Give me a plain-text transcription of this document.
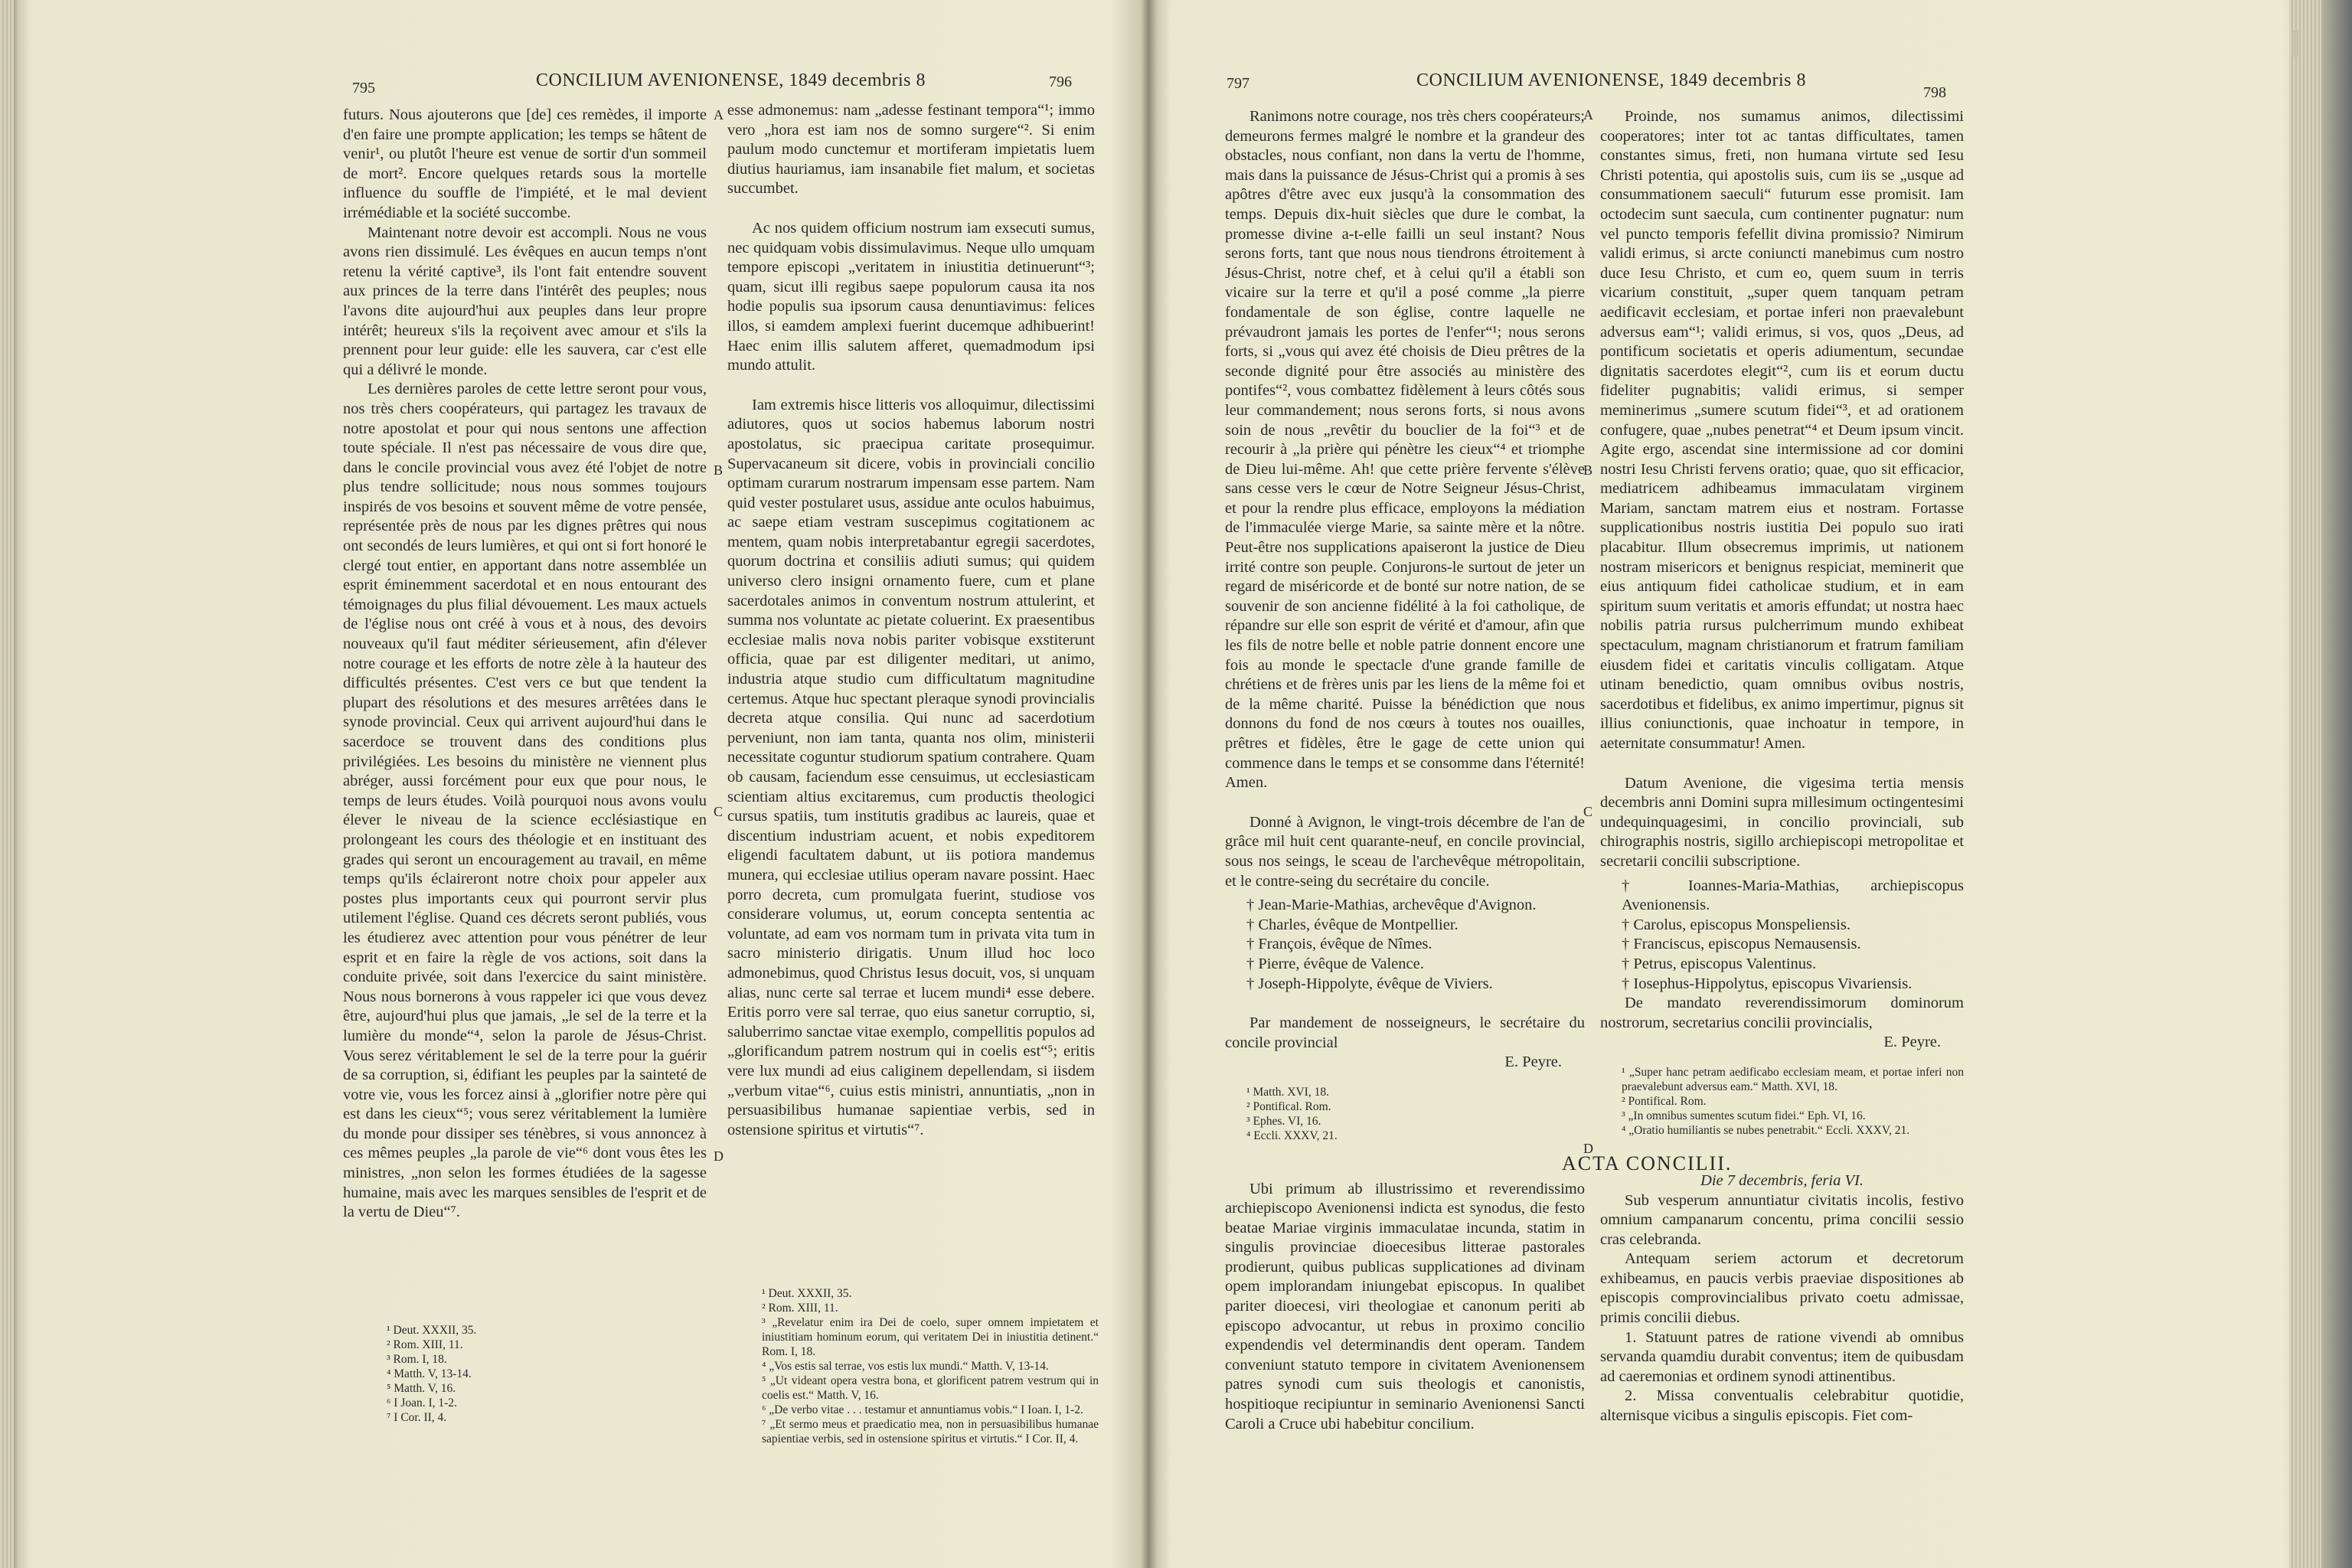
795	CONCILIUM AVENIONENSE, 1849 decembris 8	796

futurs. Nous ajouterons que [de] ces remèdes, il importe d'en faire une prompte application; les temps se hâtent de venir¹, ou plutôt l'heure est venue de sortir d'un sommeil de mort². Encore quelques retards sous la mortelle influence du souffle de l'impiété, et le mal devient irrémédiable et la société succombe.

Maintenant notre devoir est accompli. Nous ne vous avons rien dissimulé. Les évêques en aucun temps n'ont retenu la vérité captive³, ils l'ont fait entendre souvent aux princes de la terre dans l'intérêt des peuples; nous l'avons dite aujourd'hui aux peuples dans leur propre intérêt; heureux s'ils la reçoivent avec amour et s'ils la prennent pour leur guide: elle les sauvera, car c'est elle qui a délivré le monde.

Les dernières paroles de cette lettre seront pour vous, nos très chers coopérateurs, qui partagez les travaux de notre apostolat et pour qui nous sentons une affection toute spéciale. Il n'est pas nécessaire de vous dire que, dans le concile provincial vous avez été l'objet de notre plus tendre sollicitude; nous nous sommes toujours inspirés de vos besoins et souvent même de votre pensée, représentée près de nous par les dignes prêtres qui nous ont secondés de leurs lumières, et qui ont si fort honoré le clergé tout entier, en apportant dans notre assemblée un esprit éminemment sacerdotal et en nous entourant des témoignages du plus filial dévouement. Les maux actuels de l'église nous ont créé à vous et à nous, des devoirs nouveaux qu'il faut méditer sérieusement, afin d'élever notre courage et les efforts de notre zèle à la hauteur des difficultés présentes. C'est vers ce but que tendent la plupart des résolutions et des mesures arrêtées dans le synode provincial. Ceux qui arrivent aujourd'hui dans le sacerdoce se trouvent dans des conditions plus privilégiées. Les besoins du ministère ne viennent plus abréger, aussi forcément pour eux que pour nous, le temps de leurs études. Voilà pourquoi nous avons voulu élever le niveau de la science ecclésiastique en prolongeant les cours des théologie et en instituant des grades qui seront un encouragement au travail, en même temps qu'ils éclaireront notre choix pour appeler aux postes plus importants ceux qui pourront servir plus utilement l'église. Quand ces décrets seront publiés, vous les étudierez avec attention pour vous pénétrer de leur esprit et en faire la règle de vos actions, soit dans la conduite privée, soit dans l'exercice du saint ministère. Nous nous bornerons à vous rappeler ici que vous devez être, aujourd'hui plus que jamais, „le sel de la terre et la lumière du monde“⁴, selon la parole de Jésus-Christ. Vous serez véritablement le sel de la terre pour la guérir de sa corruption, si, édifiant les peuples par la sainteté de votre vie, vous les forcez ainsi à „glorifier notre père qui est dans les cieux“⁵; vous serez véritablement la lumière du monde pour dissiper ses ténèbres, si vous annoncez à ces mêmes peuples „la parole de vie“⁶ dont vous êtes les ministres, „non selon les formes étudiées de la sagesse humaine, mais avec les marques sensibles de l'esprit et de la vertu de Dieu“⁷.

A
B
C
D

esse admonemus: nam „adesse festinant tempora“¹; immo vero „hora est iam nos de somno surgere“². Si enim paulum modo cunctemur et mortiferam impietatis luem diutius hauriamus, iam insanabile fiet malum, et societas succumbet.

Ac nos quidem officium nostrum iam exsecuti sumus, nec quidquam vobis dissimulavimus. Neque ullo umquam tempore episcopi „veritatem in iniustitia detinuerunt“³; quam, sicut illi regibus saepe populorum causa ita nos hodie populis sua ipsorum causa denuntiavimus: felices illos, si eamdem amplexi fuerint ducemque adhibuerint! Haec enim illis salutem afferet, quemadmodum ipsi mundo attulit.

Iam extremis hisce litteris vos alloquimur, dilectissimi adiutores, quos ut socios habemus laborum nostri apostolatus, sic praecipua caritate prosequimur. Supervacaneum sit dicere, vobis in provinciali concilio optimam curarum nostrarum impensam esse partem. Nam quid vester postularet usus, assidue ante oculos habuimus, ac saepe etiam vestram suscepimus cogitationem ac mentem, quam nobis interpretabantur egregii sacerdotes, quorum doctrina et consiliis adiuti sumus; qui quidem universo clero insigni ornamento fuere, cum et plane sacerdotales animos in conventum nostrum attulerint, et summa nos voluntate ac pietate coluerint. Ex praesentibus ecclesiae malis nova nobis pariter vobisque exstiterunt officia, quae par est diligenter meditari, ut animo, industria atque studio cum difficultatum magnitudine certemus. Atque huc spectant pleraque synodi provincialis decreta atque consilia. Qui nunc ad sacerdotium perveniunt, non iam tanta, quanta nos olim, ministerii necessitate coguntur studiorum spatium contrahere. Quam ob causam, faciendum esse censuimus, ut ecclesiasticam scientiam altius excitaremus, cum productis theologici cursus spatiis, tum institutis gradibus ac laureis, quae et discentium industriam acuent, et nobis expeditorem eligendi facultatem dabunt, ut iis potiora mandemus munera, qui ecclesiae utilius operam navare possint. Haec porro decreta, cum promulgata fuerint, studiose vos considerare volumus, ut, eorum concepta sententia ac voluntate, ad eam vos normam tum in privata vita tum in sacro ministerio dirigatis. Unum illud hoc loco admonebimus, quod Christus Iesus docuit, vos, si unquam alias, nunc certe sal terrae et lucem mundi⁴ esse debere. Eritis porro vere sal terrae, quo eius sanetur corruptio, si, saluberrimo sanctae vitae exemplo, compellitis populos ad „glorificandum patrem nostrum qui in coelis est“⁵; eritis vere lux mundi ad eius caliginem depellendam, si iisdem „verbum vitae“⁶, cuius estis ministri, annuntiatis, „non in persuasibilibus humanae sapientiae verbis, sed in ostensione spiritus et virtutis“⁷.

¹ Deut. XXXII, 35.
² Rom. XIII, 11.
³ Rom. I, 18.
⁴ Matth. V, 13-14.
⁵ Matth. V, 16.
⁶ I Joan. I, 1-2.
⁷ I Cor. II, 4.
¹ Deut. XXXII, 35.
² Rom. XIII, 11.
³ „Revelatur enim ira Dei de coelo, super omnem impietatem et iniustitiam hominum eorum, qui veritatem Dei in iniustitia detinent.“ Rom. I, 18.
⁴ „Vos estis sal terrae, vos estis lux mundi.“ Matth. V, 13-14.
⁵ „Ut videant opera vestra bona, et glorificent patrem vestrum qui in coelis est.“ Matth. V, 16.
⁶ „De verbo vitae . . . testamur et annuntiamus vobis.“ I Ioan. I, 1-2.
⁷ „Et sermo meus et praedicatio mea, non in persuasibilibus humanae sapientiae verbis, sed in ostensione spiritus et virtutis.“ I Cor. II, 4.
797	CONCILIUM AVENIONENSE, 1849 decembris 8
798

Ranimons notre courage, nos très chers coopérateurs; demeurons fermes malgré le nombre et la grandeur des obstacles, nous confiant, non dans la vertu de l'homme, mais dans la puissance de Jésus-Christ qui a promis à ses apôtres d'être avec eux jusqu'à la consommation des temps. Depuis dix-huit siècles que dure le combat, la promesse divine a-t-elle failli un seul instant? Nous serons forts, tant que nous nous tiendrons étroitement à Jésus-Christ, notre chef, et à celui qu'il a établi son vicaire sur la terre et qu'il a posé comme „la pierre fondamentale de son église, contre laquelle ne prévaudront jamais les portes de l'enfer“¹; nous serons forts, si „vous qui avez été choisis de Dieu prêtres de la seconde dignité pour être associés au ministère des pontifes“², vous combattez fidèlement à leurs côtés sous leur commandement; nous serons forts, si nous avons soin de nous „revêtir du bouclier de la foi“³ et de recourir à „la prière qui pénètre les cieux“⁴ et triomphe de Dieu lui-même. Ah! que cette prière fervente s'élève sans cesse vers le cœur de Notre Seigneur Jésus-Christ, et pour la rendre plus efficace, employons la médiation de l'immaculée vierge Marie, sa sainte mère et la nôtre. Peut-être nos supplications apaiseront la justice de Dieu irrité contre son peuple. Conjurons-le surtout de jeter un regard de miséricorde et de bonté sur notre nation, de se souvenir de son ancienne fidélité à la foi catholique, de répandre sur elle son esprit de vérité et d'amour, afin que les fils de notre belle et noble patrie donnent encore une fois au monde le spectacle d'une grande famille de chrétiens et de frères unis par les liens de la même foi et de la même charité. Puisse la bénédiction que nous donnons du fond de nos cœurs à toutes nos ouailles, prêtres et fidèles, être le gage de cette union qui commence dans le temps et se consomme dans l'éternité! Amen.

Donné à Avignon, le vingt-trois décembre de l'an de grâce mil huit cent quarante-neuf, en concile provincial, sous nos seings, le sceau de l'archevêque métropolitain, et le contre-seing du secrétaire du concile.

† Jean-Marie-Mathias, archevêque d'Avignon.
† Charles, évêque de Montpellier.
† François, évêque de Nîmes.
† Pierre, évêque de Valence.
† Joseph-Hippolyte, évêque de Viviers.

Par mandement de nosseigneurs, le secrétaire du concile provincial

E. Peyre.
¹ Matth. XVI, 18.
² Pontifical. Rom.
³ Ephes. VI, 16.
⁴ Eccli. XXXV, 21.
ACTA CONCILII.

Ubi primum ab illustrissimo et reverendissimo archiepiscopo Avenionensi indicta est synodus, die festo beatae Mariae virginis immaculatae incunda, statim in singulis provinciae dioecesibus litterae pastorales prodierunt, quibus publicas supplicationes ad divinam opem implorandam iniungebat episcopus. In qualibet pariter dioecesi, viri theologiae et canonum periti ab episcopo advocantur, ut rebus in proximo concilio expendendis vel determinandis dent operam. Tandem conveniunt statuto tempore in civitatem Avenionensem patres synodi cum suis theologis et canonistis, hospitioque recipiuntur in seminario Avenionensi Sancti Caroli a Cruce ubi habebitur concilium.

A
B
C
D

Proinde, nos sumamus animos, dilectissimi cooperatores; inter tot ac tantas difficultates, tamen constantes simus, freti, non humana virtute sed Iesu Christi potentia, qui apostolis suis, cum iis se „usque ad consummationem saeculi“ futurum esse promisit. Iam octodecim sunt saecula, cum continenter pugnatur: num vel puncto temporis fefellit divina promissio? Nimirum validi erimus, si arcte coniuncti manebimus cum nostro duce Iesu Christo, et cum eo, quem suum in terris vicarium constituit, „super quem tanquam petram aedificavit ecclesiam, et portae inferi non praevalebunt adversus eam“¹; validi erimus, si vos, quos „Deus, ad pontificum societatis et operis adiumentum, secundae dignitatis sacerdotes elegit“², cum iis et eorum ductu fideliter pugnabitis; validi erimus, si semper meminerimus „sumere scutum fidei“³, et ad orationem confugere, quae „nubes penetrat“⁴ et Deum ipsum vincit. Agite ergo, ascendat sine intermissione ad cor domini nostri Iesu Christi fervens oratio; quae, quo sit efficacior, mediatricem adhibeamus immaculatam virginem Mariam, sanctam matrem eius et nostram. Fortasse supplicationibus nostris iustitia Dei populo suo irati placabitur. Illum obsecremus imprimis, ut nationem nostram misericors et benignus respiciat, meminerit que eius antiquum fidei catholicae studium, et in eam spiritum suum veritatis et amoris effundat; ut nostra haec nobilis patria rursus pulcherrimum mundo exhibeat spectaculum, magnam christianorum et fratrum familiam eiusdem fidei et caritatis vinculis colligatam. Atque utinam benedictio, quam omnibus ovibus nostris, sacerdotibus et fidelibus, ex animo impertimur, pignus sit illius coniunctionis, quae inchoatur in tempore, in aeternitate consummatur! Amen.

Datum Avenione, die vigesima tertia mensis decembris anni Domini supra millesimum octingentesimi undequinquagesimi, in concilio provinciali, sub chirographis nostris, sigillo archiepiscopi metropolitae et secretarii concilii subscriptione.

† Ioannes-Maria-Mathias, archiepiscopus Avenionensis.
† Carolus, episcopus Monspeliensis.
† Franciscus, episcopus Nemausensis.
† Petrus, episcopus Valentinus.
† Iosephus-Hippolytus, episcopus Vivariensis.

De mandato reverendissimorum dominorum nostrorum, secretarius concilii provincialis,

E. Peyre.
¹ „Super hanc petram aedificabo ecclesiam meam, et portae inferi non praevalebunt adversus eam.“ Matth. XVI, 18.
² Pontifical. Rom.
³ „In omnibus sumentes scutum fidei.“ Eph. VI, 16.
⁴ „Oratio humiliantis se nubes penetrabit.“ Eccli. XXXV, 21.
Die 7 decembris, feria VI.

Sub vesperum annuntiatur civitatis incolis, festivo omnium campanarum concentu, prima concilii sessio cras celebranda.

Antequam seriem actorum et decretorum exhibeamus, en paucis verbis praeviae dispositiones ab episcopis comprovincialibus privato coetu admissae, primis concilii diebus.

1. Statuunt patres de ratione vivendi ab omnibus servanda quamdiu durabit conventus; item de quibusdam ad caeremonias et ordinem synodi attinentibus.

2. Missa conventualis celebrabitur quotidie, alternisque vicibus a singulis episcopis. Fiet com-
